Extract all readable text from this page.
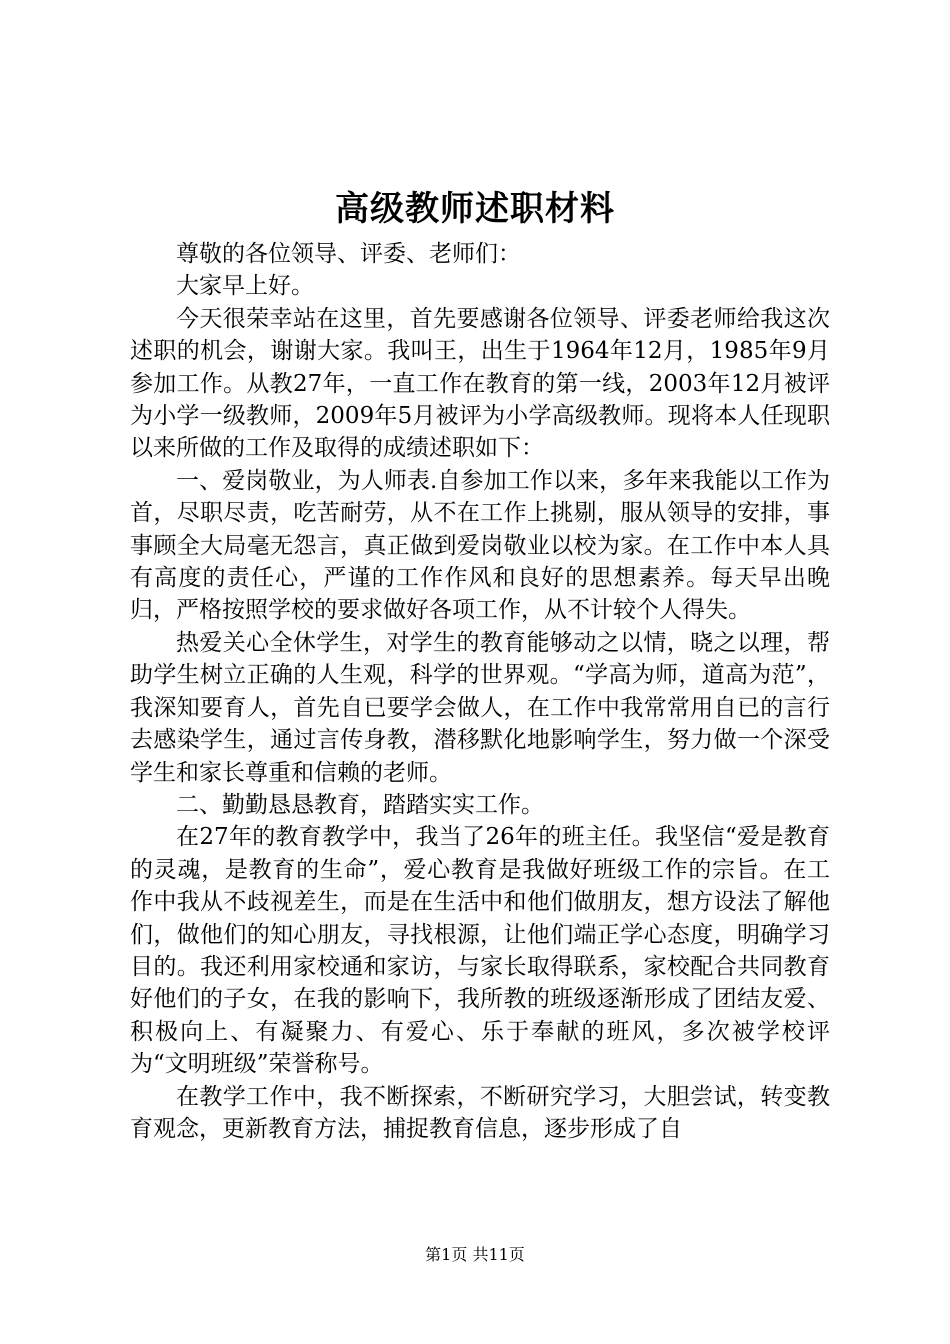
高级教师述职材料

尊敬的各位领导、评委、老师们：

大家早上好。

今天很荣幸站在这里，首先要感谢各位领导、评委老师给我这次述职的机会，谢谢大家。我叫王，出生于1964年12月，1985年9月参加工作。从教27年，一直工作在教育的第一线，2003年12月被评为小学一级教师，2009年5月被评为小学高级教师。现将本人任现职以来所做的工作及取得的成绩述职如下：

一、爱岗敬业，为人师表.自参加工作以来，多年来我能以工作为首，尽职尽责，吃苦耐劳，从不在工作上挑剔，服从领导的安排，事事顾全大局毫无怨言，真正做到爱岗敬业以校为家。在工作中本人具有高度的责任心，严谨的工作作风和良好的思想素养。每天早出晚归，严格按照学校的要求做好各项工作，从不计较个人得失。

热爱关心全休学生，对学生的教育能够动之以情，晓之以理，帮助学生树立正确的人生观，科学的世界观。“学高为师，道高为范”，我深知要育人，首先自已要学会做人，在工作中我常常用自已的言行去感染学生，通过言传身教，潜移默化地影响学生，努力做一个深受学生和家长尊重和信赖的老师。

二、勤勤恳恳教育，踏踏实实工作。

在27年的教育教学中，我当了26年的班主任。我坚信“爱是教育的灵魂，是教育的生命”，爱心教育是我做好班级工作的宗旨。在工作中我从不歧视差生，而是在生活中和他们做朋友，想方设法了解他们，做他们的知心朋友，寻找根源，让他们端正学心态度，明确学习目的。我还利用家校通和家访，与家长取得联系，家校配合共同教育好他们的子女，在我的影响下，我所教的班级逐渐形成了团结友爱、积极向上、有凝聚力、有爱心、乐于奉献的班风，多次被学校评为“文明班级”荣誉称号。

在教学工作中，我不断探索，不断研究学习，大胆尝试，转变教育观念，更新教育方法，捕捉教育信息，逐步形成了自

第1页 共11页
